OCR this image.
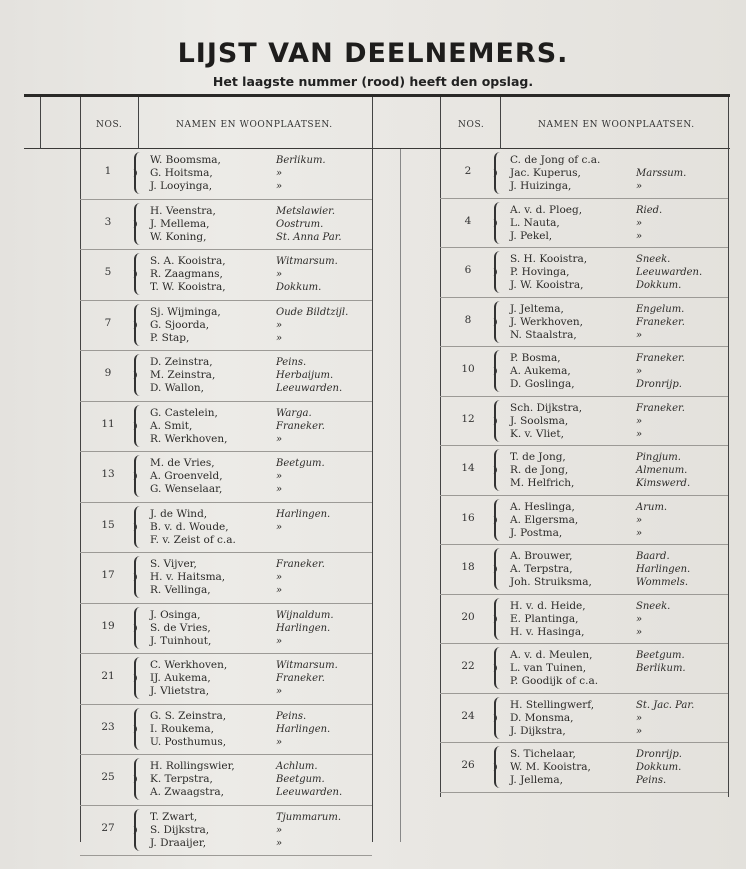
LIJST VAN DEELNEMERS.
Het laagste nummer (rood) heeft den opslag.
NOS.	NAMEN EN WOONPLAATSEN.	NOS.	NAMEN EN WOONPLAATSEN.
1
W. Boomsma,	Berlikum.
G. Hoitsma,	»
J. Looyinga,	»
3
H. Veenstra,	Metslawier.
J. Mellema,	Oostrum.
W. Koning,	St. Anna Par.
5
S. A. Kooistra,	Witmarsum.
R. Zaagmans,	»
T. W. Kooistra,	Dokkum.
7
Sj. Wijminga,	Oude Bildtzijl.
G. Sjoorda,	»
P. Stap,	»
9
D. Zeinstra,	Peins.
M. Zeinstra,	Herbaijum.
D. Wallon,	Leeuwarden.
11
G. Castelein,	Warga.
A. Smit,	Franeker.
R. Werkhoven,	»
13
M. de Vries,	Beetgum.
A. Groenveld,	»
G. Wenselaar,	»
15
J. de Wind,	Harlingen.
B. v. d. Woude,	»
F. v. Zeist of c.a.
17
S. Vijver,	Franeker.
H. v. Haitsma,	»
R. Vellinga,	»
19
J. Osinga,	Wijnaldum.
S. de Vries,	Harlingen.
J. Tuinhout,	»
21
C. Werkhoven,	Witmarsum.
IJ. Aukema,	Franeker.
J. Vlietstra,	»
23
G. S. Zeinstra,	Peins.
I. Roukema,	Harlingen.
U. Posthumus,	»
25
H. Rollingswier,	Achlum.
K. Terpstra,	Beetgum.
A. Zwaagstra,	Leeuwarden.
27
T. Zwart,	Tjummarum.
S. Dijkstra,	»
J. Draaijer,	»
2
C. de Jong of c.a.
Jac. Kuperus,	Marssum.
J. Huizinga,	»
4
A. v. d. Ploeg,	Ried.
L. Nauta,	»
J. Pekel,	»
6
S. H. Kooistra,	Sneek.
P. Hovinga,	Leeuwarden.
J. W. Kooistra,	Dokkum.
8
J. Jeltema,	Engelum.
J. Werkhoven,	Franeker.
N. Staalstra,	»
10
P. Bosma,	Franeker.
A. Aukema,	»
D. Goslinga,	Dronrijp.
12
Sch. Dijkstra,	Franeker.
J. Soolsma,	»
K. v. Vliet,	»
14
T. de Jong,	Pingjum.
R. de Jong,	Almenum.
M. Helfrich,	Kimswerd.
16
A. Heslinga,	Arum.
A. Elgersma,	»
J. Postma,	»
18
A. Brouwer,	Baard.
A. Terpstra,	Harlingen.
Joh. Struiksma,	Wommels.
20
H. v. d. Heide,	Sneek.
E. Plantinga,	»
H. v. Hasinga,	»
22
A. v. d. Meulen,	Beetgum.
L. van Tuinen,	Berlikum.
P. Goodijk of c.a.
24
H. Stellingwerf,	St. Jac. Par.
D. Monsma,	»
J. Dijkstra,	»
26
S. Tichelaar,	Dronrijp.
W. M. Kooistra,	Dokkum.
J. Jellema,	Peins.
